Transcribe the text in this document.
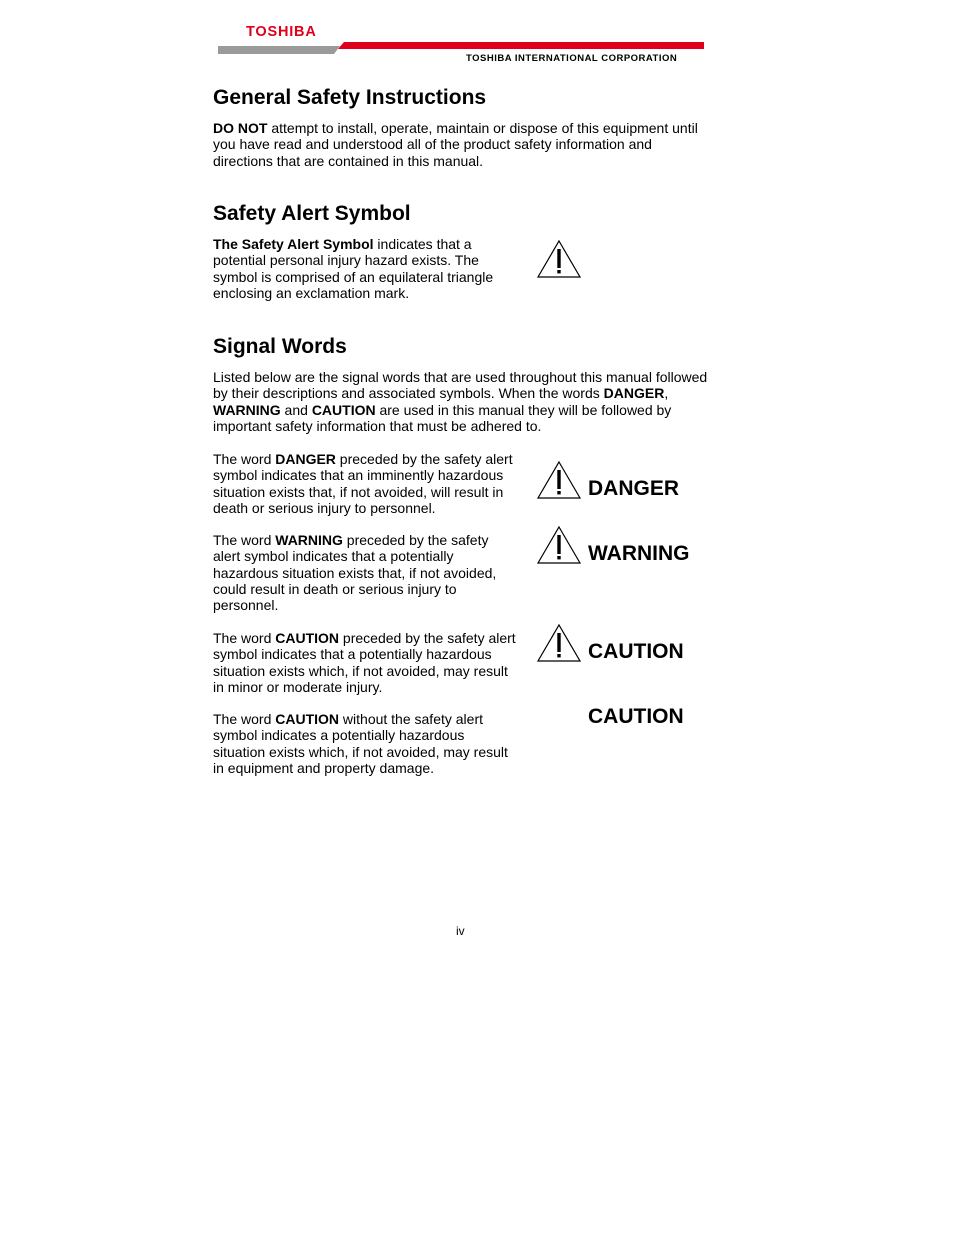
TOSHIBA
TOSHIBA INTERNATIONAL CORPORATION
General Safety Instructions

DO NOT attempt to install, operate, maintain or dispose of this equipment until you have read and understood all of the product safety information and directions that are contained in this manual.

Safety Alert Symbol

The Safety Alert Symbol indicates that a potential personal injury hazard exists. The symbol is comprised of an equilateral triangle enclosing an exclamation mark.

Signal Words

Listed below are the signal words that are used throughout this manual followed by their descriptions and associated symbols. When the words DANGER, WARNING and CAUTION are used in this manual they will be followed by important safety information that must be adhered to.

The word DANGER preceded by the safety alert symbol indicates that an imminently hazardous situation exists that, if not avoided, will result in death or serious injury to personnel.

DANGER

The word WARNING preceded by the safety alert symbol indicates that a potentially hazardous situation exists that, if not avoided, could result in death or serious injury to personnel.

WARNING

The word CAUTION preceded by the safety alert symbol indicates that a potentially hazardous situation exists which, if not avoided, may result in minor or moderate injury.

CAUTION

The word CAUTION without the safety alert symbol indicates a potentially hazardous situation exists which, if not avoided, may result in equipment and property damage.

CAUTION
iv
